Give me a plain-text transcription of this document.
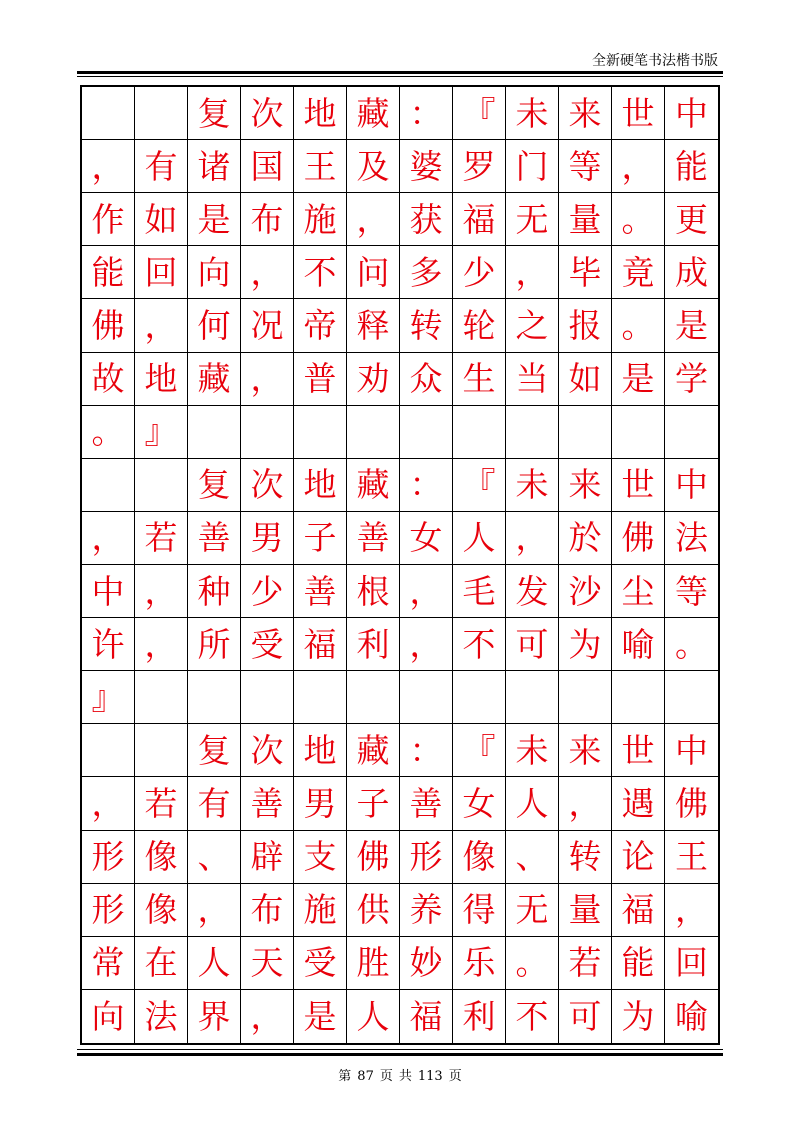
全新硬笔书法楷书版
复 次 地 藏 ： 『 未 来 世 中
， 有 诸 国 王 及 婆 罗 门 等 ， 能
作 如 是 布 施 ， 获 福 无 量 。 更
能 回 向 ， 不 问 多 少 ， 毕 竟 成
佛 ， 何 况 帝 释 转 轮 之 报 。 是
故 地 藏 ， 普 劝 众 生 当 如 是 学
。 』
复 次 地 藏 ： 『 未 来 世 中
， 若 善 男 子 善 女 人 ， 於 佛 法
中 ， 种 少 善 根 ， 毛 发 沙 尘 等
许 ， 所 受 福 利 ， 不 可 为 喻 。
』
复 次 地 藏 ： 『 未 来 世 中
， 若 有 善 男 子 善 女 人 ， 遇 佛
形 像 、 辟 支 佛 形 像 、 转 论 王
形 像 ， 布 施 供 养 得 无 量 福 ，
常 在 人 天 受 胜 妙 乐 。 若 能 回
向 法 界 ， 是 人 福 利 不 可 为 喻
第 87 页 共 113 页
